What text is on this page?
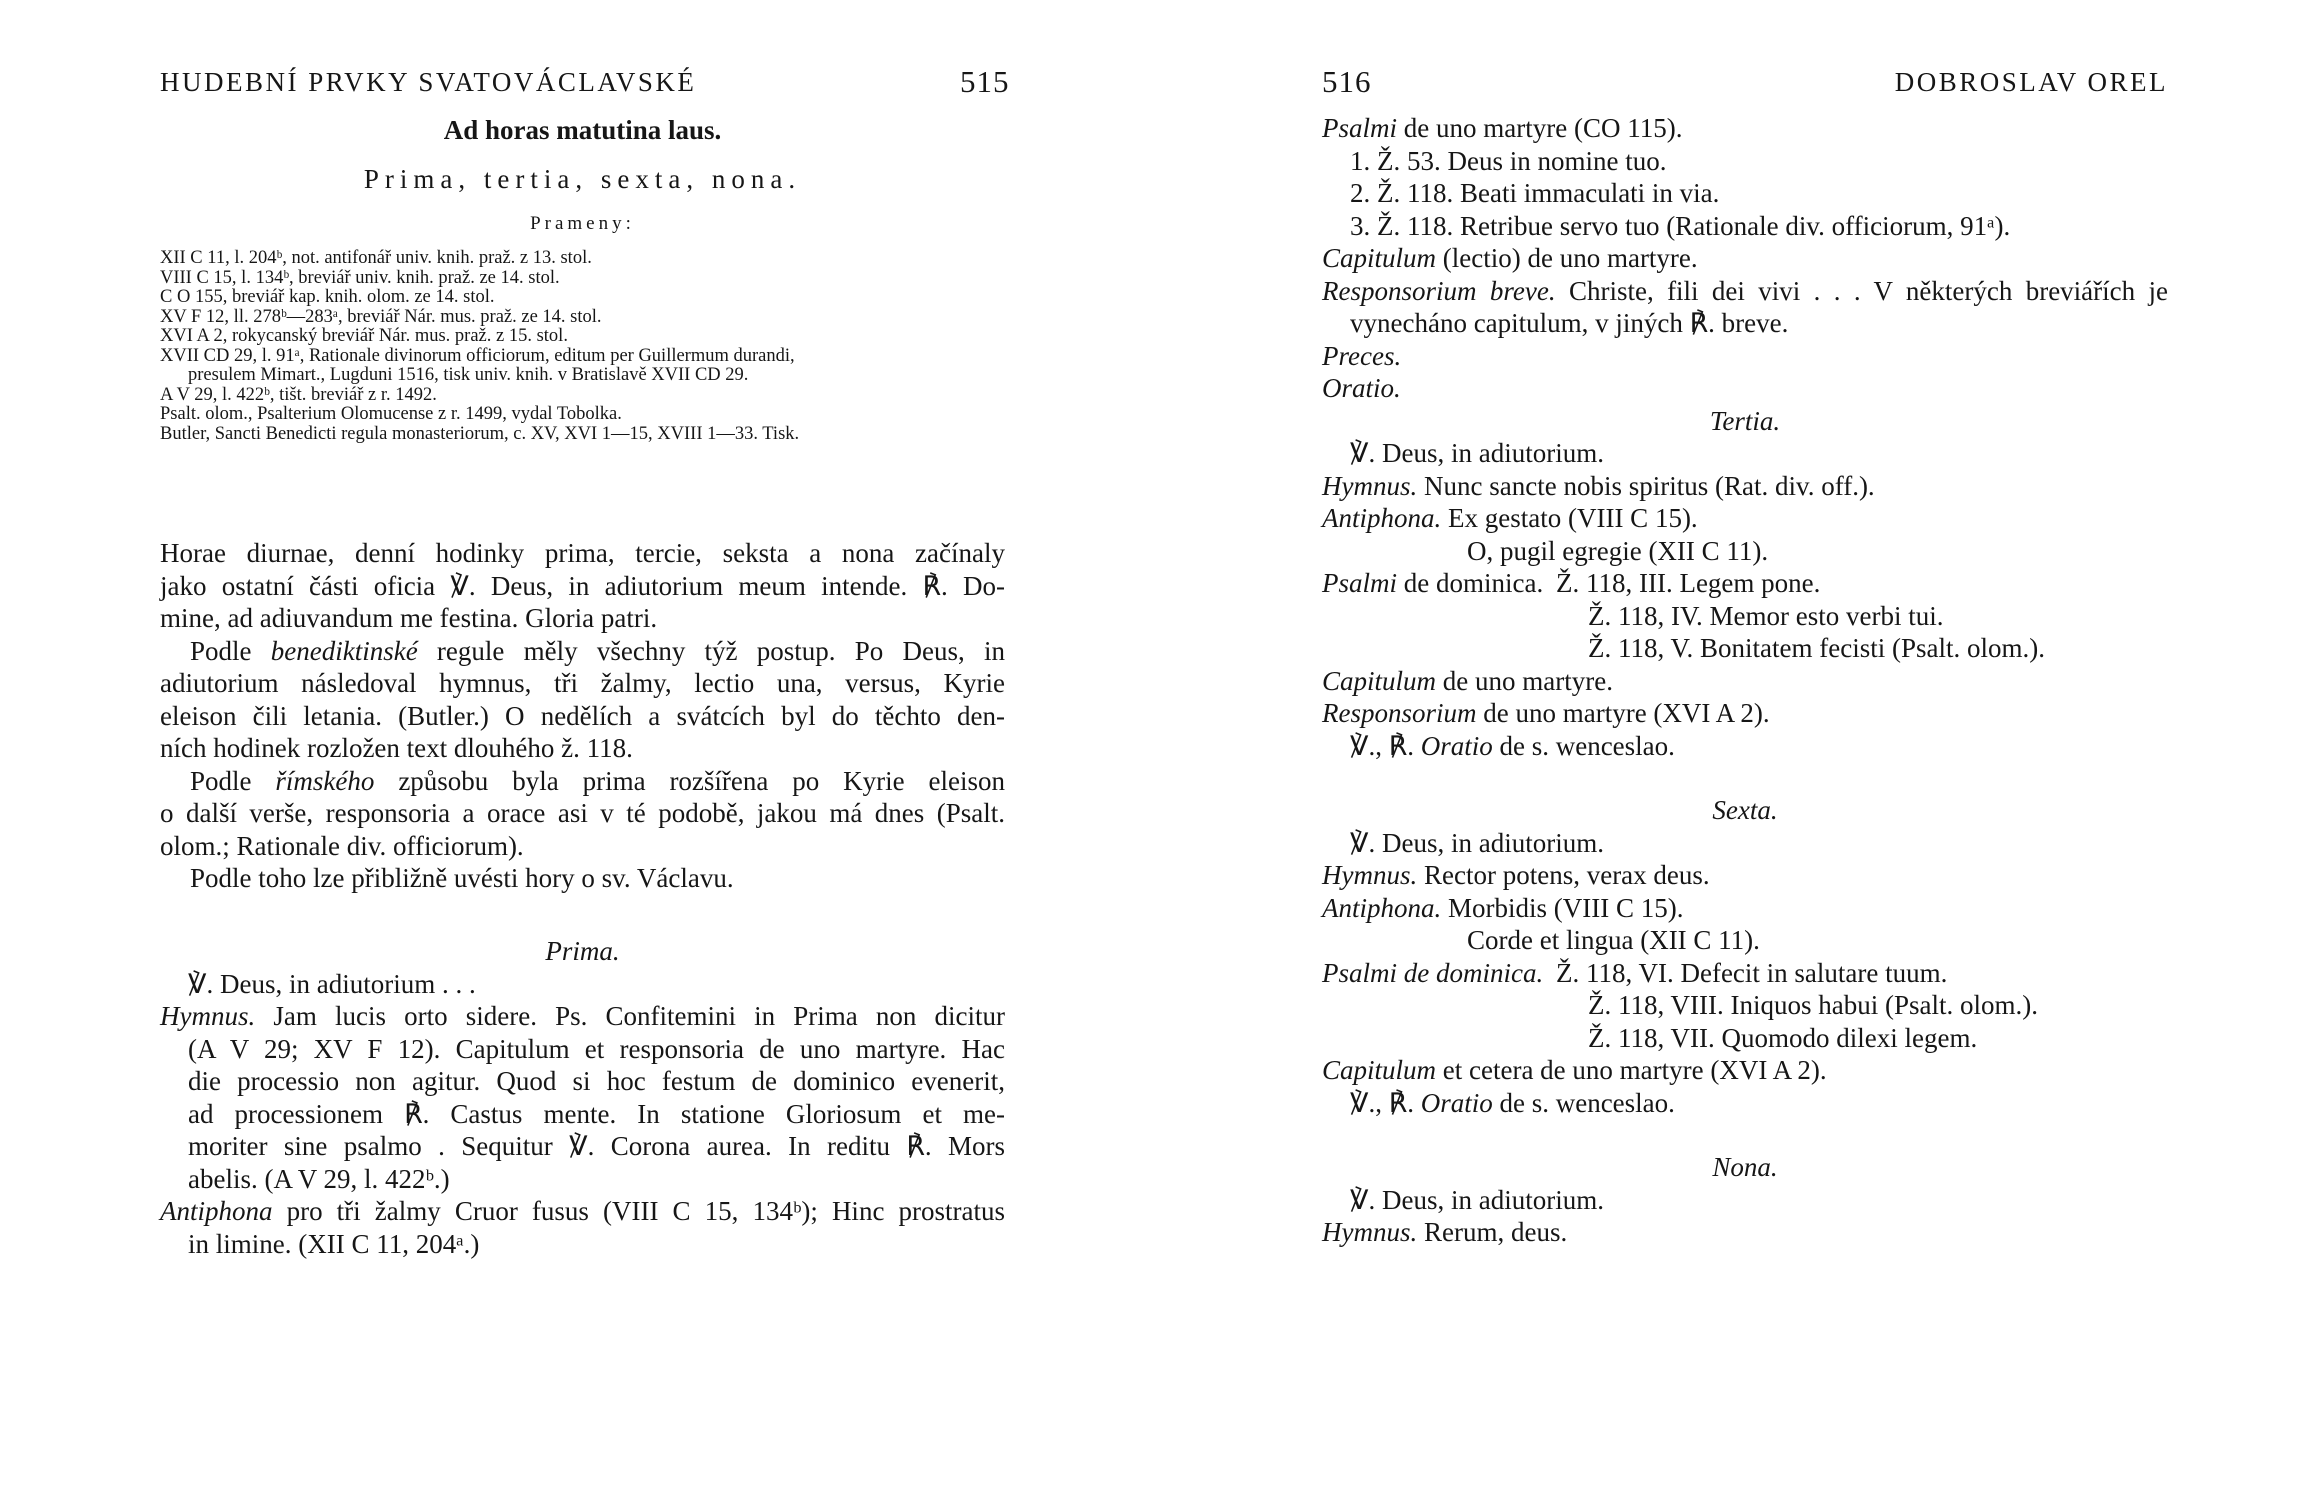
HUDEBNÍ PRVKY SVATOVÁCLAVSKÉ	515
Ad horas matutina laus.
Prima, tertia, sexta, nona.
Prameny:
XII C 11, l. 204ᵇ, not. antifonář univ. knih. praž. z 13. stol.
VIII C 15, l. 134ᵇ, breviář univ. knih. praž. ze 14. stol.
C O 155, breviář kap. knih. olom. ze 14. stol.
XV F 12, ll. 278ᵇ—283ᵃ, breviář Nár. mus. praž. ze 14. stol.
XVI A 2, rokycanský breviář Nár. mus. praž. z 15. stol.
XVII CD 29, l. 91ᵃ, Rationale divinorum officiorum, editum per Guillermum durandi,
presulem Mimart., Lugduni 1516, tisk univ. knih. v Bratislavě XVII CD 29.
A V 29, l. 422ᵇ, tišt. breviář z r. 1492.
Psalt. olom., Psalterium Olomucense z r. 1499, vydal Tobolka.
Butler, Sancti Benedicti regula monasteriorum, c. XV, XVI 1—15, XVIII 1—33. Tisk.
Horae diurnae, denní hodinky prima, tercie, seksta a nona začínaly
jako ostatní části oficia ℣. Deus, in adiutorium meum intende. ℟. Do-
mine, ad adiuvandum me festina. Gloria patri.
Podle benediktinské regule měly všechny týž postup. Po Deus, in
adiutorium následoval hymnus, tři žalmy, lectio una, versus, Kyrie
eleison čili letania. (Butler.) O nedělích a svátcích byl do těchto den-
ních hodinek rozložen text dlouhého ž. 118.
Podle římského způsobu byla prima rozšířena po Kyrie eleison
o další verše, responsoria a orace asi v té podobě, jakou má dnes (Psalt.
olom.; Rationale div. officiorum).
Podle toho lze přibližně uvésti hory o sv. Václavu.
Prima.
℣. Deus, in adiutorium . . .
Hymnus. Jam lucis orto sidere. Ps. Confitemini in Prima non dicitur
(A V 29; XV F 12). Capitulum et responsoria de uno martyre. Hac
die processio non agitur. Quod si hoc festum de dominico evenerit,
ad processionem ℟. Castus mente. In statione Gloriosum et me-
moriter sine psalmo . Sequitur ℣. Corona aurea. In reditu ℟. Mors
abelis. (A V 29, l. 422ᵇ.)
Antiphona pro tři žalmy Cruor fusus (VIII C 15, 134ᵇ); Hinc prostratus
in limine. (XII C 11, 204ᵃ.)
516	DOBROSLAV OREL
Psalmi de uno martyre (CO 115).
1. Ž. 53. Deus in nomine tuo.
2. Ž. 118. Beati immaculati in via.
3. Ž. 118. Retribue servo tuo (Rationale div. officiorum, 91ᵃ).
Capitulum (lectio) de uno martyre.
Responsorium breve. Christe, fili dei vivi . . . V některých breviářích je
vynecháno capitulum, v jiných ℟. breve.
Preces.
Oratio.
Tertia.
℣. Deus, in adiutorium.
Hymnus. Nunc sancte nobis spiritus (Rat. div. off.).
Antiphona. Ex gestato (VIII C 15).
O, pugil egregie (XII C 11).
Psalmi de dominica. Ž. 118, III. Legem pone.
Ž. 118, IV. Memor esto verbi tui.
Ž. 118, V. Bonitatem fecisti (Psalt. olom.).
Capitulum de uno martyre.
Responsorium de uno martyre (XVI A 2).
℣., ℟. Oratio de s. wenceslao.
Sexta.
℣. Deus, in adiutorium.
Hymnus. Rector potens, verax deus.
Antiphona. Morbidis (VIII C 15).
Corde et lingua (XII C 11).
Psalmi de dominica. Ž. 118, VI. Defecit in salutare tuum.
Ž. 118, VIII. Iniquos habui (Psalt. olom.).
Ž. 118, VII. Quomodo dilexi legem.
Capitulum et cetera de uno martyre (XVI A 2).
℣., ℟. Oratio de s. wenceslao.
Nona.
℣. Deus, in adiutorium.
Hymnus. Rerum, deus.
